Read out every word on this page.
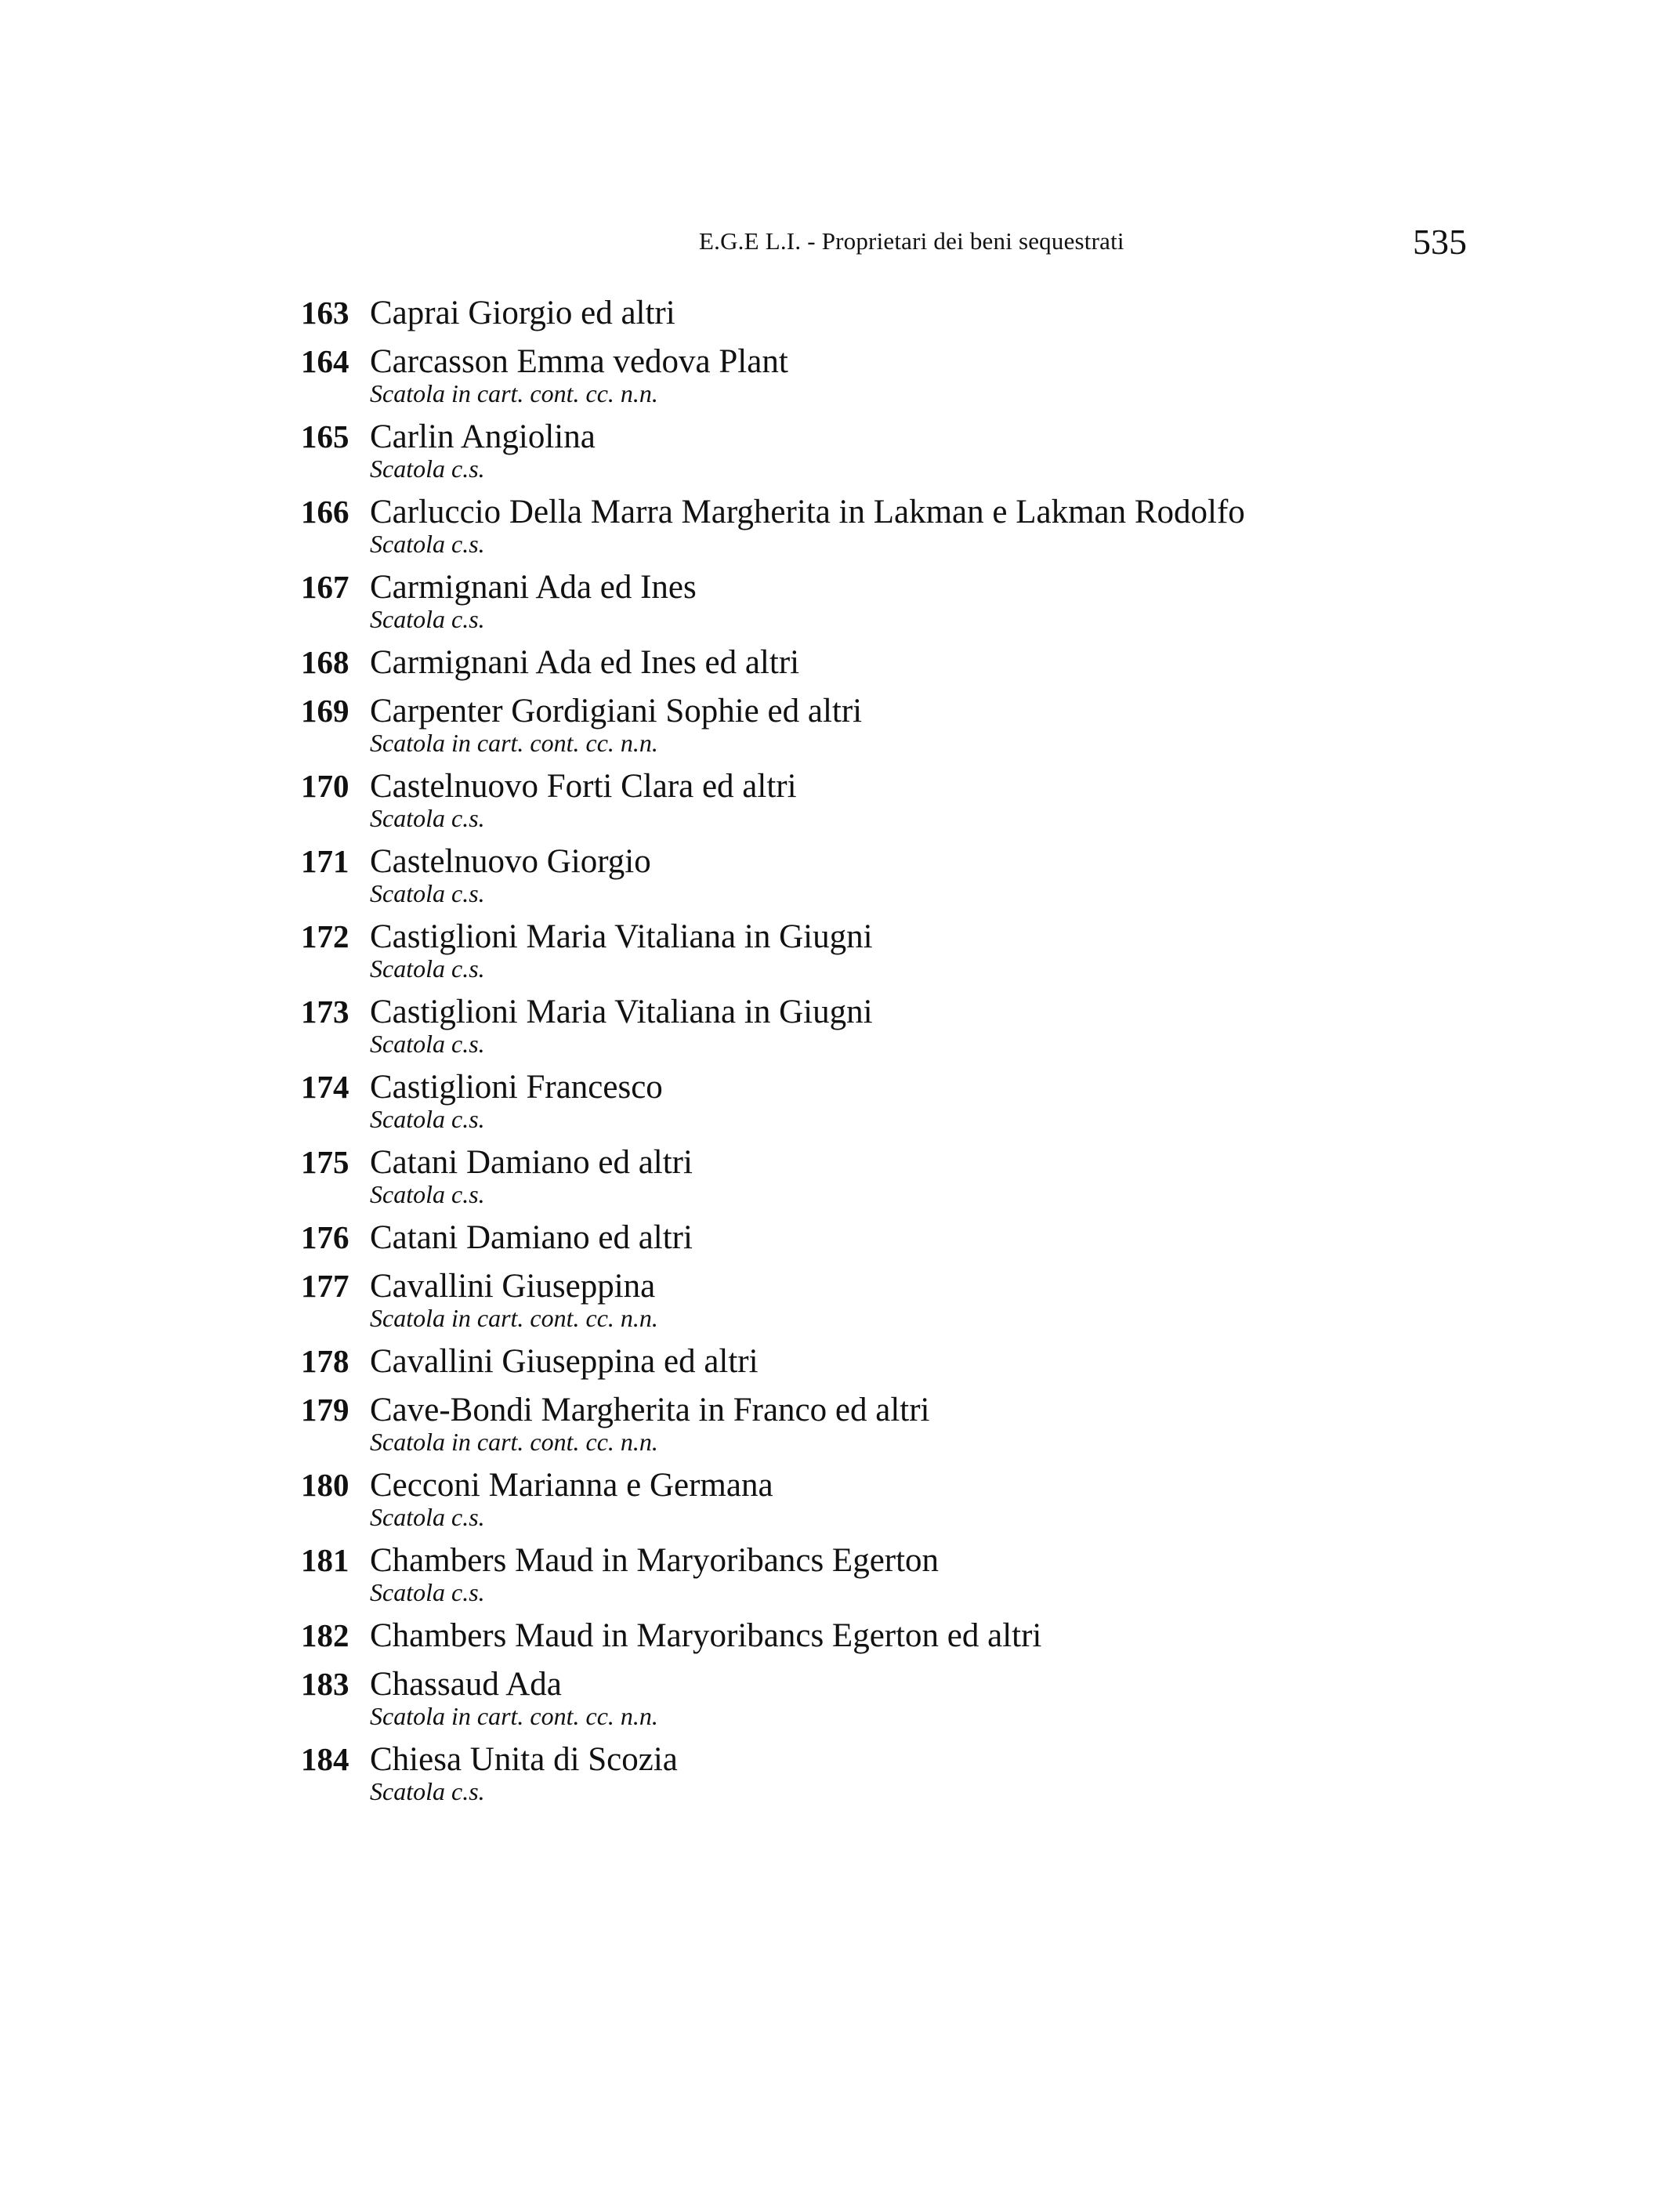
E.G.E L.I. - Proprietari dei beni sequestrati	535
163 Caprai Giorgio ed altri
164 Carcasson Emma vedova Plant
Scatola in cart. cont. cc. n.n.
165 Carlin Angiolina
Scatola c.s.
166 Carluccio Della Marra Margherita in Lakman e Lakman Rodolfo
Scatola c.s.
167 Carmignani Ada ed Ines
Scatola c.s.
168 Carmignani Ada ed Ines ed altri
169 Carpenter Gordigiani Sophie ed altri
Scatola in cart. cont. cc. n.n.
170 Castelnuovo Forti Clara ed altri
Scatola c.s.
171 Castelnuovo Giorgio
Scatola c.s.
172 Castiglioni Maria Vitaliana in Giugni
Scatola c.s.
173 Castiglioni Maria Vitaliana in Giugni
Scatola c.s.
174 Castiglioni Francesco
Scatola c.s.
175 Catani Damiano ed altri
Scatola c.s.
176 Catani Damiano ed altri
177 Cavallini Giuseppina
Scatola in cart. cont. cc. n.n.
178 Cavallini Giuseppina ed altri
179 Cave-Bondi Margherita in Franco ed altri
Scatola in cart. cont. cc. n.n.
180 Cecconi Marianna e Germana
Scatola c.s.
181 Chambers Maud in Maryoribancs Egerton
Scatola c.s.
182 Chambers Maud in Maryoribancs Egerton ed altri
183 Chassaud Ada
Scatola in cart. cont. cc. n.n.
184 Chiesa Unita di Scozia
Scatola c.s.
